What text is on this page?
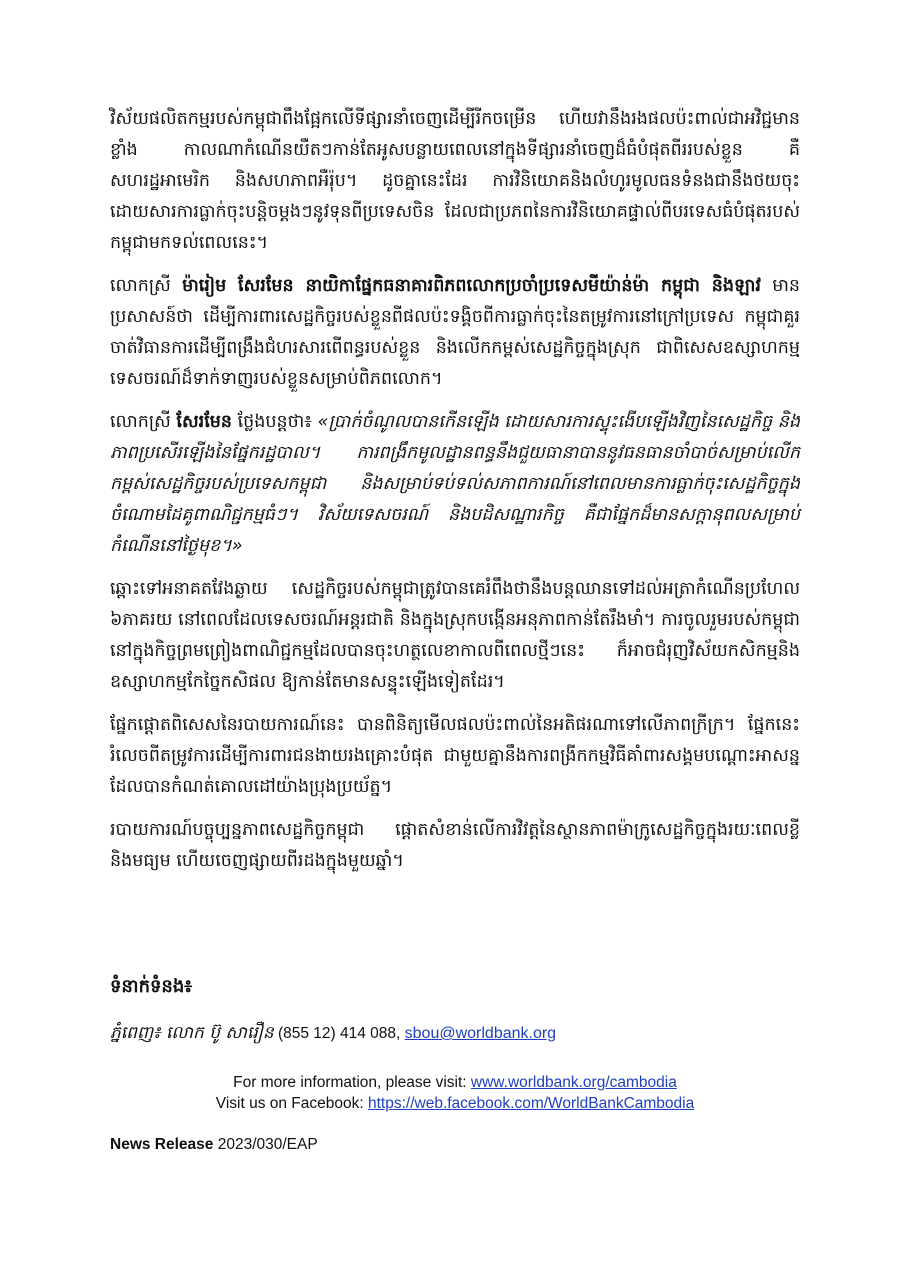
វិស័យផលិតកម្មរបស់កម្ពុជាពឹងផ្អែកលើទីផ្សារនាំចេញដើម្បីរីកចម្រើន ហើយវានឹងរងផលប៉ះពាល់ជាអវិជ្ជមានខ្លាំង កាលណាកំណើនយឺតៗកាន់តែអូសបន្លាយពេលនៅក្នុងទីផ្សារនាំចេញដ៏ធំបំផុតពីររបស់ខ្លួន គឺសហរដ្ឋអាមេរិក និងសហភាពអឺរ៉ុប។ ដូចគ្នានេះដែរ ការវិនិយោគនិងលំហូរមូលធនទំនងជានឹងថយចុះ ដោយសារការធ្លាក់ចុះបន្តិចម្តងៗនូវទុនពីប្រទេសចិន ដែលជាប្រភពនៃការវិនិយោគផ្ទាល់ពីបរទេសធំបំផុតរបស់កម្ពុជាមកទល់ពេលនេះ។

លោកស្រី ម៉ារៀម សែរមែន នាយិកាផ្នែកធនាគារពិភពលោកប្រចាំប្រទេសមីយ៉ាន់ម៉ា កម្ពុជា និងឡាវ មានប្រសាសន៍ថា ដើម្បីការពារសេដ្ឋកិច្ចរបស់ខ្លួនពីផលប៉ះទង្គិចពីការធ្លាក់ចុះនៃតម្រូវការនៅក្រៅប្រទេស កម្ពុជាគួរចាត់វិធានការដើម្បីពង្រឹងជំហរសារពើពន្ធរបស់ខ្លួន និងលើកកម្ពស់សេដ្ឋកិច្ចក្នុងស្រុក ជាពិសេសឧស្សាហកម្មទេសចរណ៍ដ៏ទាក់ទាញរបស់ខ្លួនសម្រាប់ពិភពលោក។

លោកស្រី សែរមែន ថ្លែងបន្តថា៖ «ប្រាក់ចំណូលបានកើនឡើង ដោយសារការស្ទុះងើបឡើងវិញនៃសេដ្ឋកិច្ច និងភាពប្រសើរឡើងនៃផ្នែករដ្ឋបាល។ ការពង្រឹកមូលដ្ឋានពន្ធនឹងជួយធានាបាននូវធនធានចាំបាច់សម្រាប់លើកកម្ពស់សេដ្ឋកិច្ចរបស់ប្រទេសកម្ពុជា និងសម្រាប់ទប់ទល់សភាពការណ៍នៅពេលមានការធ្លាក់ចុះសេដ្ឋកិច្ចក្នុងចំណោមដៃគូពាណិជ្ជកម្មធំៗ។ វិស័យទេសចរណ៍ និងបដិសណ្ឋារកិច្ច គឺជាផ្នែកដ៏មានសក្តានុពលសម្រាប់កំណើននៅថ្ងៃមុខ។»

ឆ្ពោះទៅអនាគតវែងឆ្ងាយ សេដ្ឋកិច្ចរបស់កម្ពុជាត្រូវបានគេរំពឹងថានឹងបន្តឈានទៅដល់អត្រាកំណើនប្រហែល ៦ភាគរយ នៅពេលដែលទេសចរណ៍អន្តរជាតិ និងក្នុងស្រុកបង្កើនអនុភាពកាន់តែរឹងមាំ។ ការចូលរួមរបស់កម្ពុជានៅក្នុងកិច្ចព្រមព្រៀងពាណិជ្ជកម្មដែលបានចុះហត្ថលេខាកាលពីពេលថ្មីៗនេះ ក៏អាចជំរុញវិស័យកសិកម្មនិងឧស្សាហកម្មកែច្នៃកសិផល ឱ្យកាន់តែមានសន្ទុះឡើងទៀតដែរ។

ផ្នែកផ្តោតពិសេសនៃរបាយការណ៍នេះ បានពិនិត្យមើលផលប៉ះពាល់នៃអតិផរណាទៅលើភាពក្រីក្រ។ ផ្នែកនេះរំលេចពីតម្រូវការដើម្បីការពារជនងាយរងគ្រោះបំផុត ជាមួយគ្នានឹងការពង្រីកកម្មវិធីគាំពារសង្គមបណ្តោះអាសន្នដែលបានកំណត់គោលដៅយ៉ាងប្រុងប្រយ័ត្ន។

របាយការណ៍បច្ចុប្បន្នភាពសេដ្ឋកិច្ចកម្ពុជា ផ្តោតសំខាន់លើការវិវត្តនៃស្ថានភាពម៉ាក្រូសេដ្ឋកិច្ចក្នុងរយៈពេលខ្លី និងមធ្យម ហើយចេញផ្សាយពីរដងក្នុងមួយឆ្នាំ។

ទំនាក់ទំនង៖
ភ្នំពេញ៖ លោក ប៊ូ សារឿន (855 12) 414 088, sbou@worldbank.org
For more information, please visit: www.worldbank.org/cambodia
Visit us on Facebook: https://web.facebook.com/WorldBankCambodia
News Release 2023/030/EAP
